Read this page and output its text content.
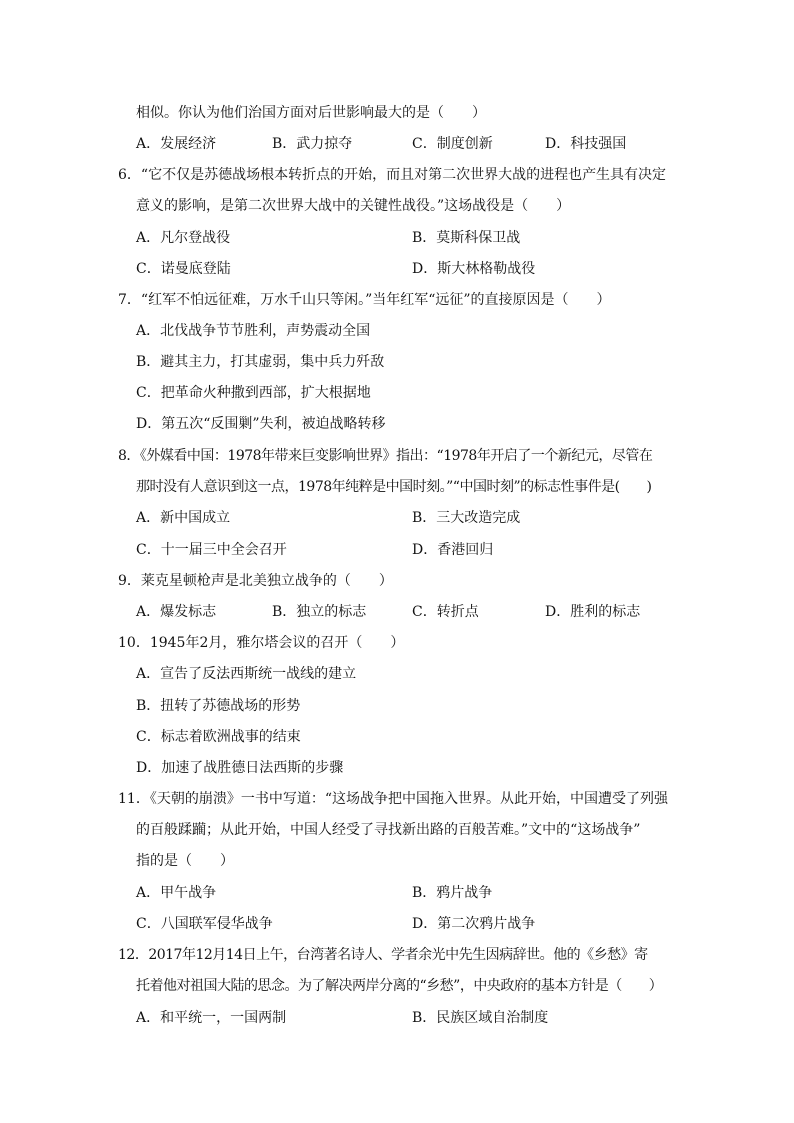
相似。你认为他们治国方面对后世影响最大的是（　　）
A．发展经济	B．武力掠夺	C．制度创新	D．科技强国
6．“它不仅是苏德战场根本转折点的开始，而且对第二次世界大战的进程也产生具有决定
意义的影响，是第二次世界大战中的关键性战役。”这场战役是（　　）
A．凡尔登战役	B．莫斯科保卫战
C．诺曼底登陆	D．斯大林格勒战役
7．“红军不怕远征难，万水千山只等闲。”当年红军“远征”的直接原因是（　　）
A．北伐战争节节胜利，声势震动全国
B．避其主力，打其虚弱，集中兵力歼敌
C．把革命火种撒到西部，扩大根据地
D．第五次“反围剿”失利，被迫战略转移
8．《外媒看中国：1978年带来巨变影响世界》指出：“1978年开启了一个新纪元，尽管在
那时没有人意识到这一点，1978年纯粹是中国时刻。”“中国时刻”的标志性事件是(　　)
A．新中国成立	B．三大改造完成
C．十一届三中全会召开	D．香港回归
9．莱克星顿枪声是北美独立战争的（　　）
A．爆发标志	B．独立的标志	C．转折点	D．胜利的标志
10．1945年2月，雅尔塔会议的召开（　　）
A．宣告了反法西斯统一战线的建立
B．扭转了苏德战场的形势
C．标志着欧洲战事的结束
D．加速了战胜德日法西斯的步骤
11．《天朝的崩溃》一书中写道：“这场战争把中国拖入世界。从此开始，中国遭受了列强
的百般蹂躏；从此开始，中国人经受了寻找新出路的百般苦难。”文中的“这场战争”
指的是（　　）
A．甲午战争	B．鸦片战争
C．八国联军侵华战争	D．第二次鸦片战争
12．2017年12月14日上午，台湾著名诗人、学者余光中先生因病辞世。他的《乡愁》寄
托着他对祖国大陆的思念。为了解决两岸分离的“乡愁”，中央政府的基本方针是（　　）
A．和平统一，一国两制	B．民族区域自治制度
